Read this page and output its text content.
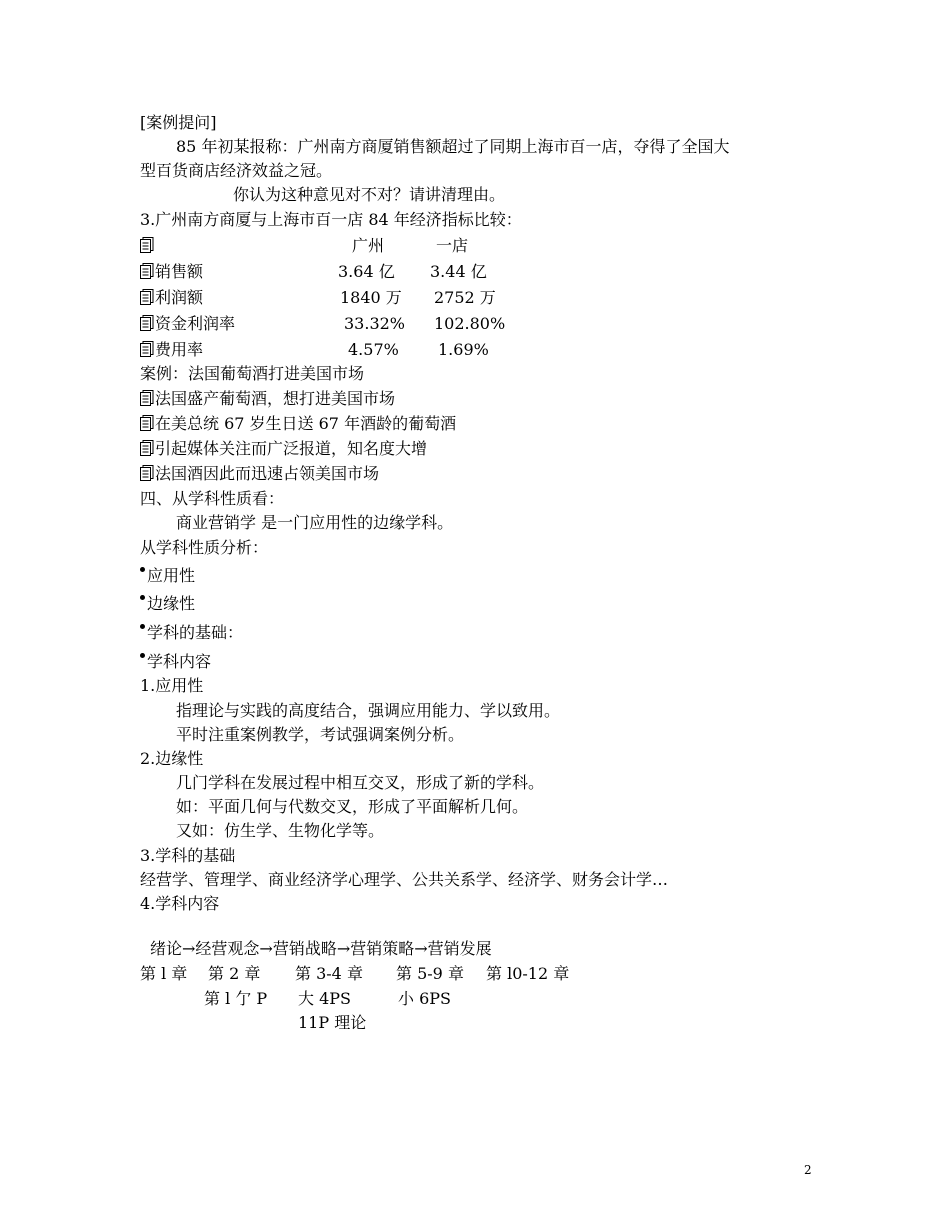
[案例提问]
85 年初某报称：广州南方商厦销售额超过了同期上海市百一店，夺得了全国大
型百货商店经济效益之冠。
你认为这种意见对不对？请讲清理由。
3.广州南方商厦与上海市百一店 84 年经济指标比较：
广州	一店
销售额	3.64 亿 3.44 亿
利润额	1840 万 2752 万
资金利润率	33.32% 102.80%
费用率	4.57% 1.69%
案例：法国葡萄酒打进美国市场
法国盛产葡萄酒，想打进美国市场
在美总统 67 岁生日送 67 年酒龄的葡萄酒
引起媒体关注而广泛报道，知名度大增
法国酒因此而迅速占领美国市场
四、从学科性质看：
商业营销学 是一门应用性的边缘学科。
从学科性质分析：
应用性
边缘性
学科的基础：
学科内容
1.应用性
指理论与实践的高度结合，强调应用能力、学以致用。
平时注重案例教学，考试强调案例分析。
2.边缘性
几门学科在发展过程中相互交叉，形成了新的学科。
如：平面几何与代数交叉，形成了平面解析几何。
又如：仿生学、生物化学等。
3.学科的基础
经营学、管理学、商业经济学心理学、公共关系学、经济学、财务会计学…
4.学科内容
绪论→经营观念→营销战略→营销策略→营销发展
第 l 章 第 2 章 第 3-4 章 第 5-9 章 第 l0-12 章
第 l 亇 P 大 4PS	小 6PS
11P 理论
2
